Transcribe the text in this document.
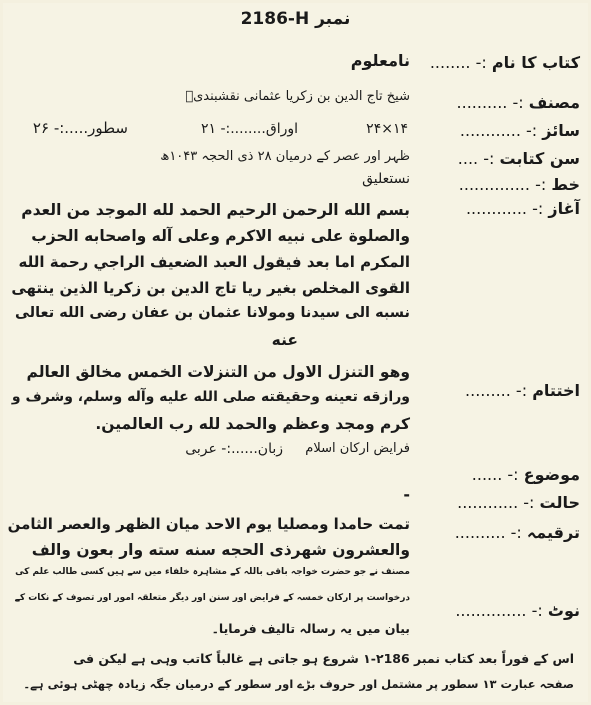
نمبر 2186-H
کتاب کا نام :- ........
نامعلوم
مصنف :- ..........
شیخ تاج الدین بن زکریا عثمانی نقشبندیؒ
سائز :- ............
۱۴×۲۴
اوراق........:- ۲۱
سطور.....:- ۲۶
سن کتابت :- ....
ظہر اور عصر کے درمیان ۲۸ ذی الحجہ ۱۰۴۳ھ
خط :- ..............
نستعلیق
آغاز :- ............
بسم الله الرحمن الرحيم الحمد لله الموجد من العدم
والصلوة على نبيه الاكرم وعلى آله واصحابه الحزب
المكرم اما بعد فيقول العبد الضعيف الراجي رحمة الله
القوى المخلص بغير ريا تاج الدين بن زكريا الذين ينتهى
نسبه الى سيدنا ومولانا عثمان بن عفان رضى الله تعالى
عنه
اختتام :- .........
وهو التنزل الاول من التنزلات الخمس مخالق العالم
ورازقه تعينه وحقيقته صلى الله عليه وآله وسلم، وشرف و
كرم ومجد وعظم والحمد لله رب العالمين.
موضوع :- ......
فرایض ارکان اسلام
زبان......:- عربی
حالت :- ............
-
ترقیمہ :- ..........
تمت حامدا ومصليا يوم الاحد ميان الظهر والعصر الثامن
والعشرون شهرذى الحجه سنه سته وار بعون والف
نوٹ :- ..............
مصنف نے جو حضرت خواجہ باقی باللہ کے مشاہرہ خلفاء میں سے ہیں کسی طالب علم کی
درخواست پر ارکان خمسہ کے فرایض اور سنن اور دیگر متعلقہ امور اور تصوف کے نکات کے
بیان میں یہ رسالہ تالیف فرمایا۔
اس کے فوراً بعد کتاب نمبر ۲186-۱ شروع ہو جاتی ہے غالباً کاتب وہی ہے لیکن فی
صفحہ عبارت ۱۳ سطور پر مشتمل اور حروف بڑے اور سطور کے درمیان جگہ زیادہ چھٹی ہوئی ہے۔
